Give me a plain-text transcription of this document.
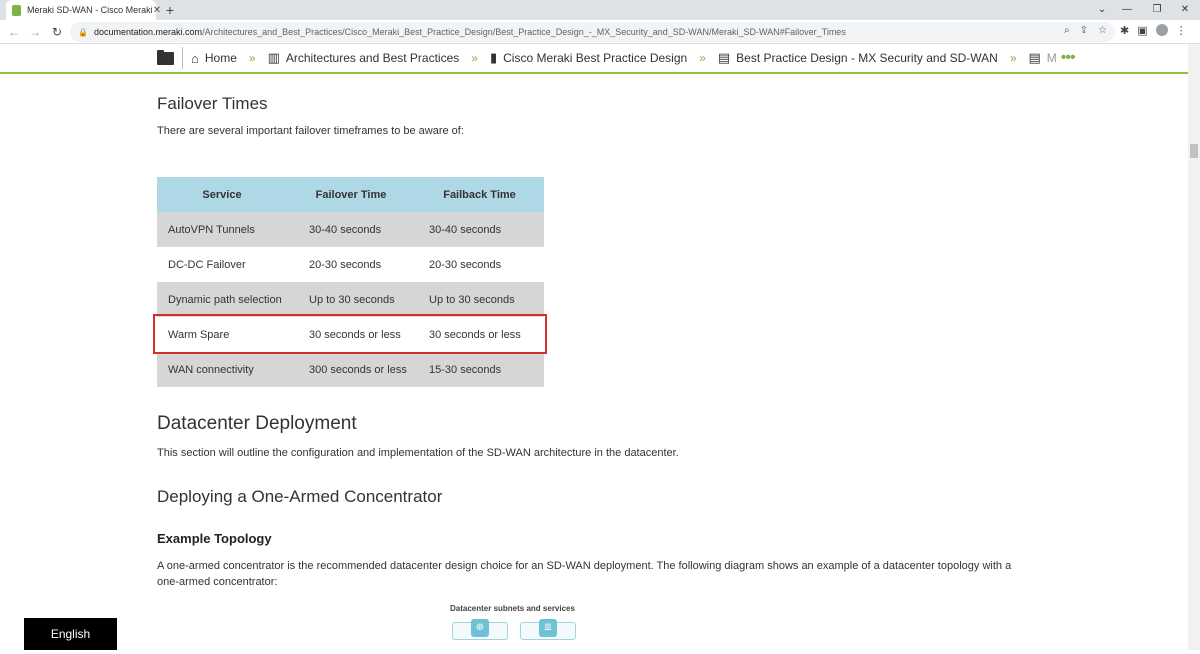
Meraki SD-WAN - Cisco Meraki ✕ +	⌄	—	❐	✕
← → ↻	🔒 documentation.meraki.com /Architectures_and_Best_Practices/Cisco_Meraki_Best_Practice_Design/Best_Practice_Design_-_MX_Security_and_SD-WAN/Meraki_SD-WAN#Failover_Times	⌕ ⇪ ☆ ✱ ▣	⋮
⌂ Home » ▥ Architectures and Best Practices » ▮ Cisco Meraki Best Practice Design » ▤ Best Practice Design - MX Security and SD-WAN » ▤ M •••
Failover Times

There are several important failover timeframes to be aware of:

Service	Failover Time	Failback Time
AutoVPN Tunnels	30-40 seconds	30-40 seconds
DC-DC Failover	20-30 seconds	20-30 seconds
Dynamic path selection	Up to 30 seconds	Up to 30 seconds
Warm Spare	30 seconds or less	30 seconds or less
WAN connectivity	300 seconds or less	15-30 seconds
Datacenter Deployment

This section will outline the configuration and implementation of the SD-WAN architecture in the datacenter.

Deploying a One-Armed Concentrator
Example Topology

A one-armed concentrator is the recommended datacenter design choice for an SD-WAN deployment. The following diagram shows an example of a datacenter topology with a one-armed concentrator:

Datacenter subnets and services
⊕	≣
English
